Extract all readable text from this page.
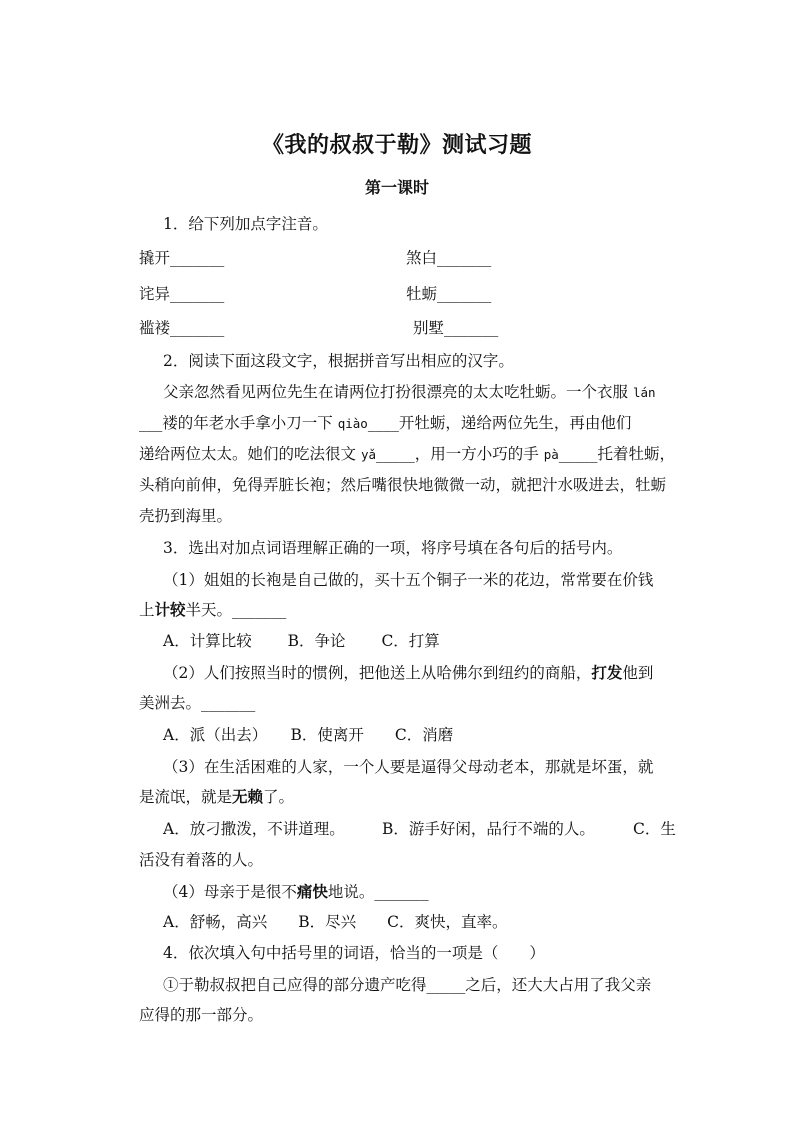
《我的叔叔于勒》测试习题
第一课时
1．给下列加点字注音。
撬开_______	煞白_______
诧异_______	牡蛎_______
褴褛_______	别墅_______
2．阅读下面这段文字，根据拼音写出相应的汉字。
父亲忽然看见两位先生在请两位打扮很漂亮的太太吃牡蛎。一个衣服 lán
___褛的年老水手拿小刀一下 qiào____开牡蛎，递给两位先生，再由他们
递给两位太太。她们的吃法很文 yǎ_____，用一方小巧的手 pà_____托着牡蛎，
头稍向前伸，免得弄脏长袍；然后嘴很快地微微一动，就把汁水吸进去，牡蛎
壳扔到海里。
3．选出对加点词语理解正确的一项，将序号填在各句后的括号内。
（1）姐姐的长袍是自己做的，买十五个铜子一米的花边，常常要在价钱
上计较半天。_______
A．计算比较　　 B．争论　　 C．打算
（2）人们按照当时的惯例，把他送上从哈佛尔到纽约的商船，打发他到
美洲去。_______
A．派（出去）　　B．使离开　　C．消磨
（3）在生活困难的人家，一个人要是逼得父母动老本，那就是坏蛋，就
是流氓，就是无赖了。
A．放刁撒泼，不讲道理。 B．游手好闲，品行不端的人。 C．生
活没有着落的人。
（4）母亲于是很不痛快地说。_______
A．舒畅，高兴　　B．尽兴　　C．爽快，直率。
4．依次填入句中括号里的词语，恰当的一项是（　　）
①于勒叔叔把自己应得的部分遗产吃得_____之后，还大大占用了我父亲
应得的那一部分。
